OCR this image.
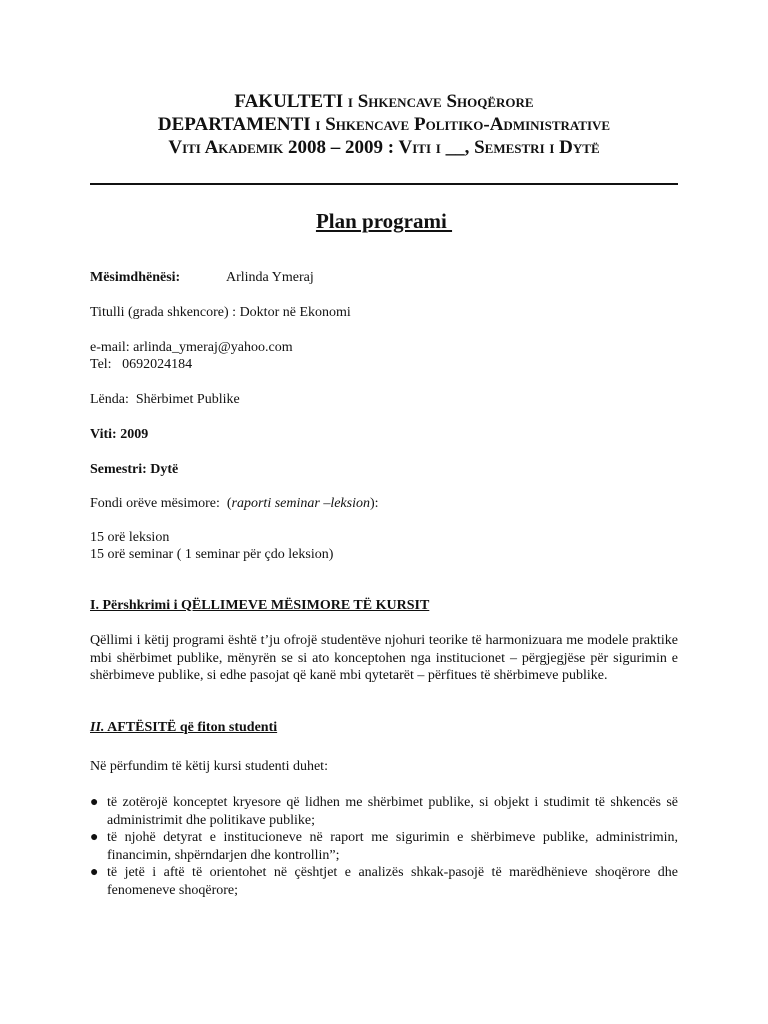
FAKULTETI i Shkencave Shoqërore
DEPARTAMENTI i Shkencave Politiko-Administrative
Viti Akademik 2008 – 2009 : Viti i __, Semestri i Dytë
Plan programi
Mësimdhënësi:	Arlinda Ymeraj
Titulli (grada shkencore) : Doktor në Ekonomi
e-mail: arlinda_ymeraj@yahoo.com
Tel:   0692024184
Lënda:  Shërbimet Publike
Viti: 2009
Semestri: Dytë
Fondi orëve mësimore:  (raporti seminar –leksion):
15 orë leksion
15 orë seminar ( 1 seminar për çdo leksion)
I. Përshkrimi i QËLLIMEVE MËSIMORE TË KURSIT
Qëllimi i këtij programi është t’ju ofrojë studentëve njohuri teorike të harmonizuara me modele praktike mbi shërbimet publike, mënyrën se si ato konceptohen nga institucionet – përgjegjëse për sigurimin e shërbimeve publike, si edhe pasojat që kanë mbi qytetarët – përfitues të shërbimeve publike.
II. AFTËSITË që fiton studenti
Në përfundim të këtij kursi studenti duhet:
● të zotërojë konceptet kryesore që lidhen me shërbimet publike, si objekt i studimit të shkencës së administrimit dhe politikave publike;
● të njohë detyrat e institucioneve në raport me sigurimin e shërbimeve publike, administrimin, financimin, shpërndarjen dhe kontrollin”;
● të jetë i aftë të orientohet në çështjet e analizës shkak-pasojë të marëdhënieve shoqërore dhe fenomeneve shoqërore;
